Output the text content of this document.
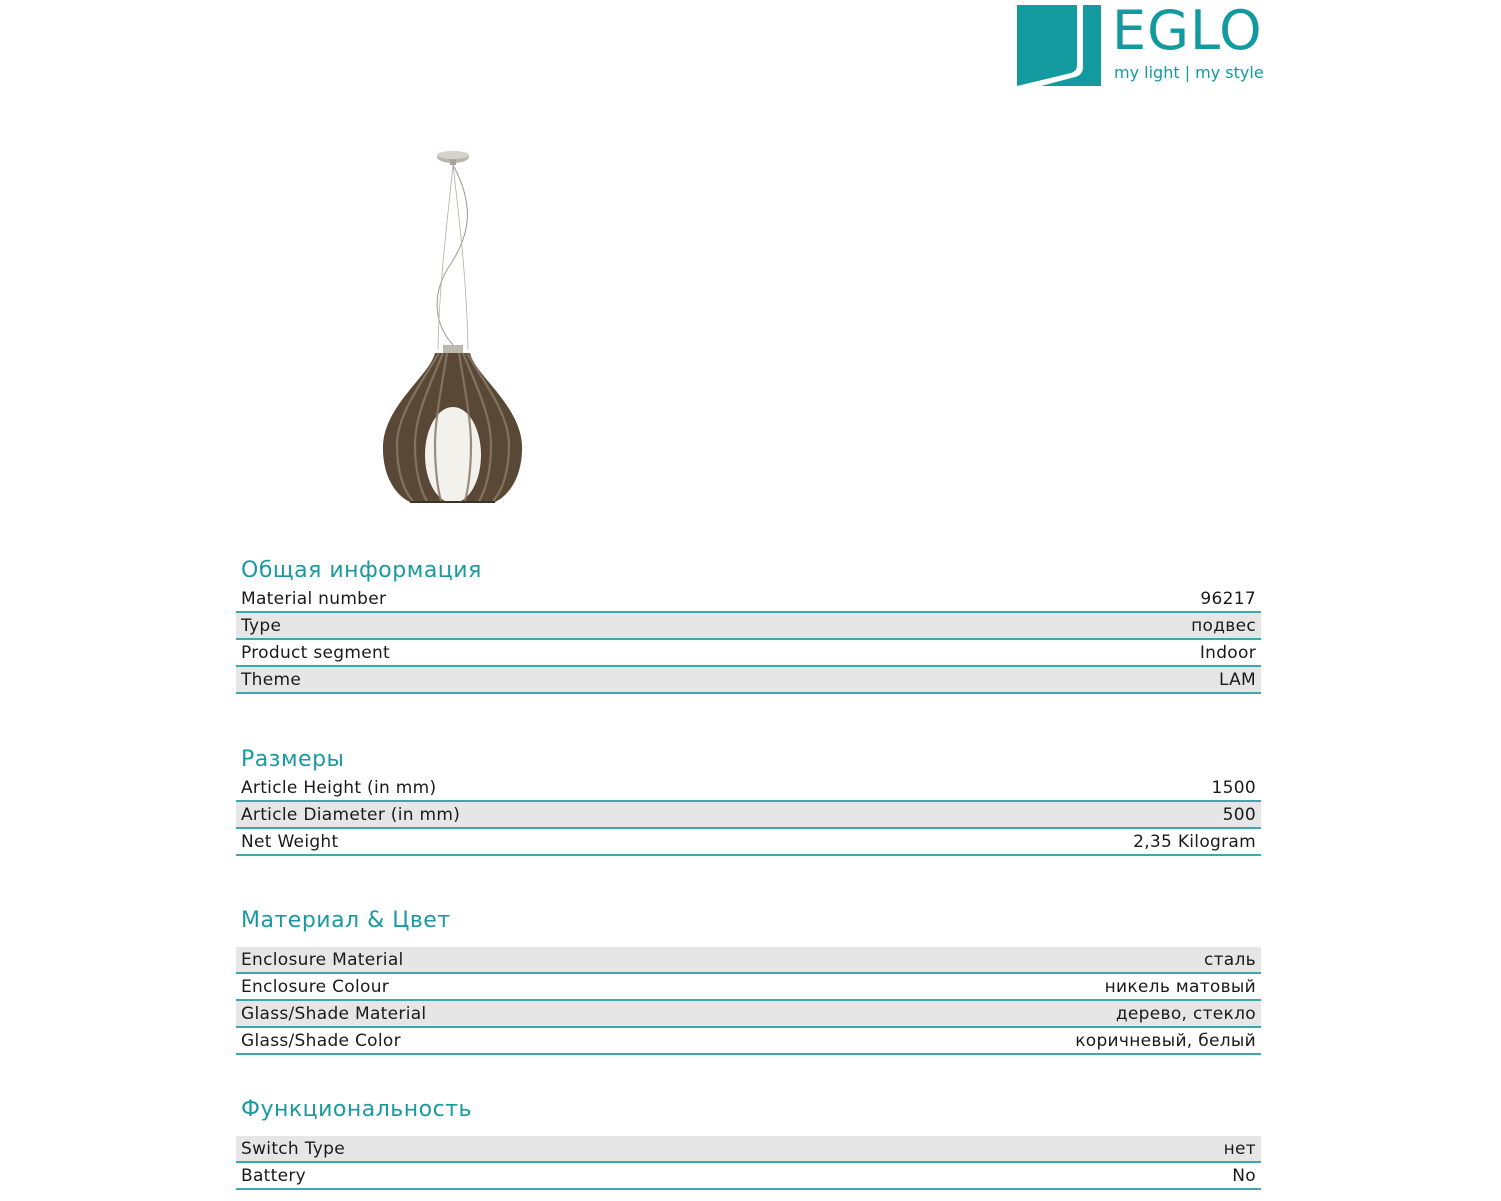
EGLO
my light | my style
Общая информация
Material number	96217
Type	подвес
Product segment	Indoor
Theme	LAM
Размеры
Article Height (in mm)	1500
Article Diameter (in mm)	500
Net Weight	2,35 Kilogram
Материал & Цвет
Enclosure Material	сталь
Enclosure Colour	никель матовый
Glass/Shade Material	дерево, стекло
Glass/Shade Color	коричневый, белый
Функциональность
Switch Type	нет
Battery	No
